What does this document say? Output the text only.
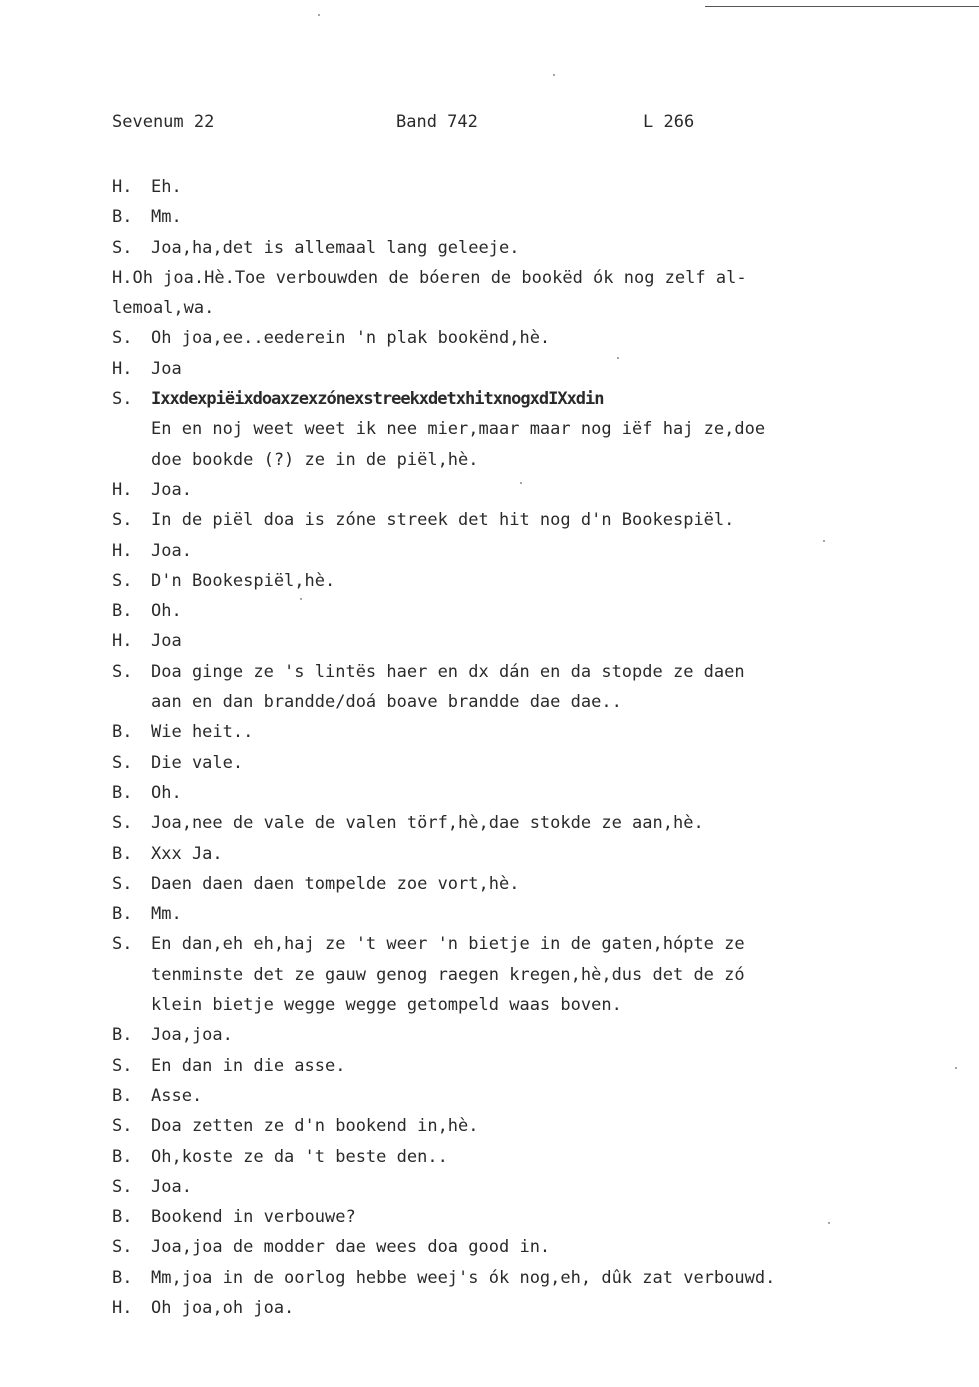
Sevenum 22	Band 742	L 266
H. Eh.
B. Mm.
S. Joa,ha,det is allemaal lang geleeje.
H.Oh joa.Hè.Toe verbouwden de bóeren de bookëd ók nog zelf al-
lemoal,wa.
S. Oh joa,ee..eederein 'n plak bookënd,hè.
H. Joa
S. IxxdexpiëixdoaxzexzónexstreekxdetxhitxnogxdIXxdin
En en noj weet weet ik nee mier,maar maar nog iëf haj ze,doe
doe bookde (?) ze in de piël,hè.
H. Joa.
S. In de piël doa is zóne streek det hit nog d'n Bookespiël.
H. Joa.
S. D'n Bookespiël,hè.
B. Oh.
H. Joa
S. Doa ginge ze 's lintës haer en dx dán en da stopde ze daen
aan en dan brandde/doá boave brandde dae dae..
B. Wie heit..
S. Die vale.
B. Oh.
S. Joa,nee de vale de valen törf,hè,dae stokde ze aan,hè.
B. Xxx Ja.
S. Daen daen daen tompelde zoe vort,hè.
B. Mm.
S. En dan,eh eh,haj ze 't weer 'n bietje in de gaten,hópte ze
tenminste det ze gauw genog raegen kregen,hè,dus det de zó
klein bietje wegge wegge getompeld waas boven.
B. Joa,joa.
S. En dan in die asse.
B. Asse.
S. Doa zetten ze d'n bookend in,hè.
B. Oh,koste ze da 't beste den..
S. Joa.
B. Bookend in verbouwe?
S. Joa,joa de modder dae wees doa good in.
B. Mm,joa in de oorlog hebbe weej's ók nog,eh, dûk zat verbouwd.
H. Oh joa,oh joa.
